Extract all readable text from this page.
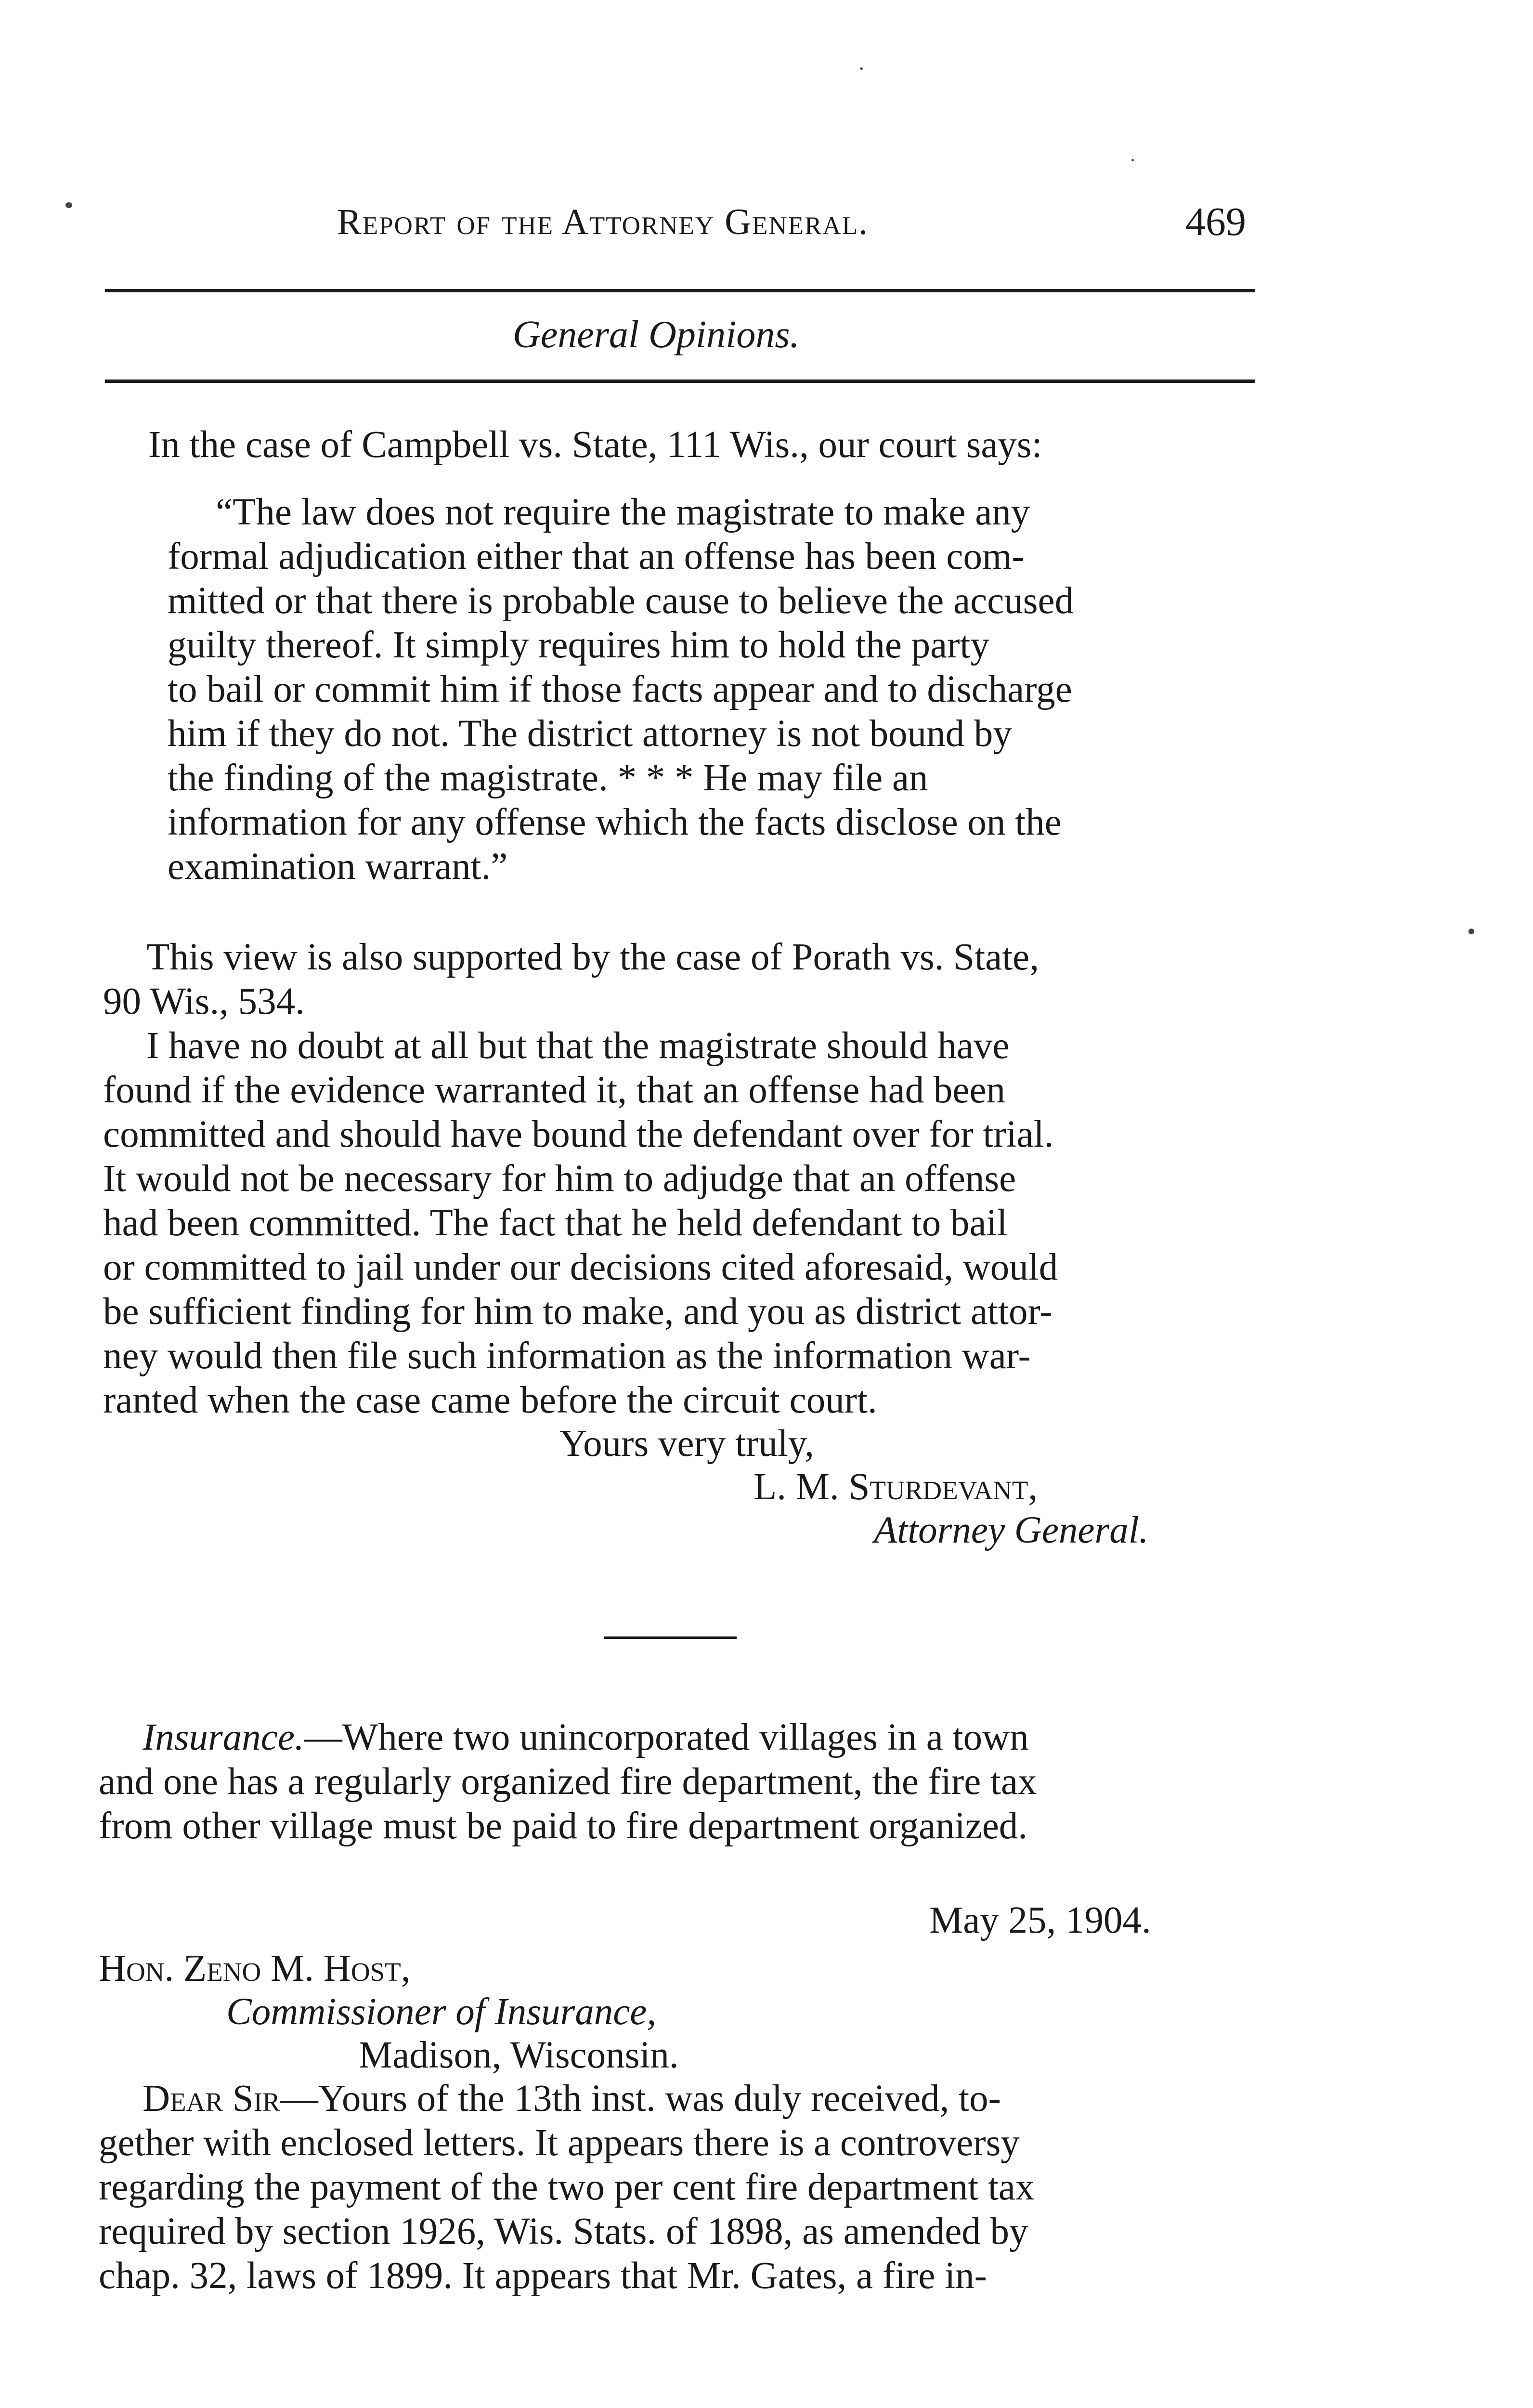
Report of the Attorney General.	469
General Opinions.
In the case of Campbell vs. State, 111 Wis., our court says:
“The law does not require the magistrate to make any
formal adjudication either that an offense has been com-
mitted or that there is probable cause to believe the accused
guilty thereof. It simply requires him to hold the party
to bail or commit him if those facts appear and to discharge
him if they do not. The district attorney is not bound by
the finding of the magistrate. * * * He may file an
information for any offense which the facts disclose on the
examination warrant.”
This view is also supported by the case of Porath vs. State,
90 Wis., 534.
I have no doubt at all but that the magistrate should have
found if the evidence warranted it, that an offense had been
committed and should have bound the defendant over for trial.
It would not be necessary for him to adjudge that an offense
had been committed. The fact that he held defendant to bail
or committed to jail under our decisions cited aforesaid, would
be sufficient finding for him to make, and you as district attor-
ney would then file such information as the information war-
ranted when the case came before the circuit court.
Yours very truly,
L. M. Sturdevant,
Attorney General.
Insurance.—Where two unincorporated villages in a town
and one has a regularly organized fire department, the fire tax
from other village must be paid to fire department organized.
May 25, 1904.
Hon. Zeno M. Host,
Commissioner of Insurance,
Madison, Wisconsin.
Dear Sir—Yours of the 13th inst. was duly received, to-
gether with enclosed letters. It appears there is a controversy
regarding the payment of the two per cent fire department tax
required by section 1926, Wis. Stats. of 1898, as amended by
chap. 32, laws of 1899. It appears that Mr. Gates, a fire in-
